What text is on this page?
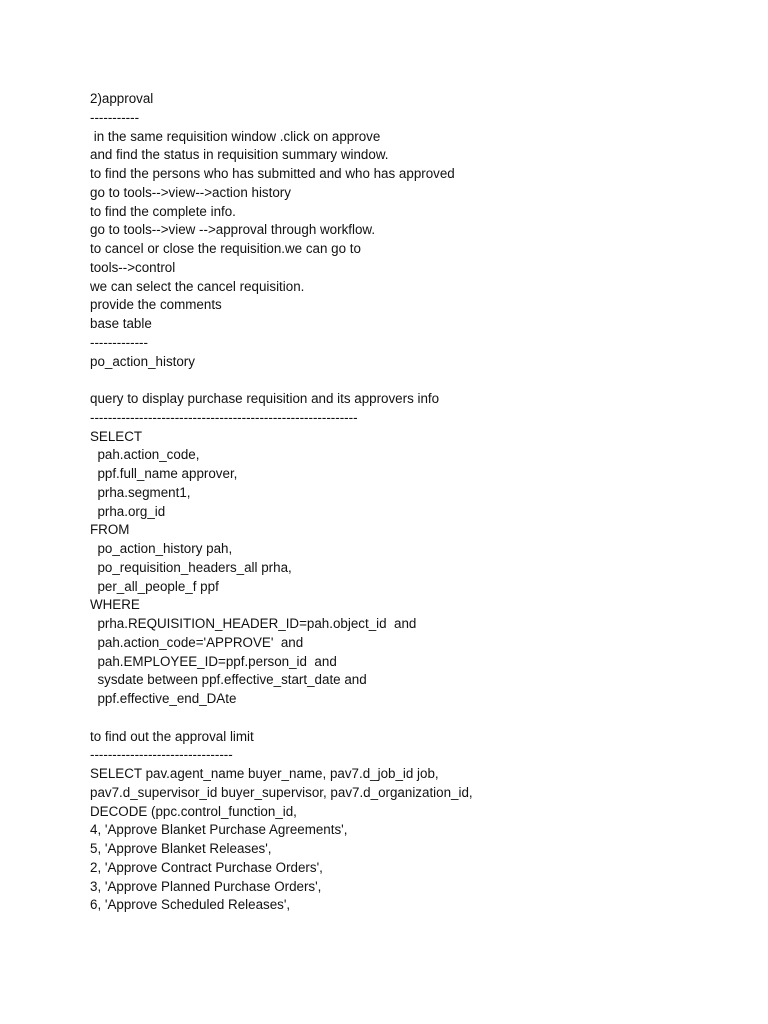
2)approval
-----------
in the same requisition window .click on approve
and find the status in requisition summary window.
to find the persons who has submitted and who has approved
go to tools-->view-->action history
to find the complete info.
go to tools-->view -->approval through workflow.
to cancel or close the requisition.we can go to
tools-->control
we can select the cancel requisition.
provide the comments
base table
-------------
po_action_history
query to display purchase requisition and its approvers info
------------------------------------------------------------
SELECT
pah.action_code,
ppf.full_name approver,
prha.segment1,
prha.org_id
FROM
po_action_history pah,
po_requisition_headers_all prha,
per_all_people_f ppf
WHERE
prha.REQUISITION_HEADER_ID=pah.object_id  and
pah.action_code='APPROVE'  and
pah.EMPLOYEE_ID=ppf.person_id  and
sysdate between ppf.effective_start_date and
ppf.effective_end_DAte
to find out the approval limit
--------------------------------
SELECT pav.agent_name buyer_name, pav7.d_job_id job,
pav7.d_supervisor_id buyer_supervisor, pav7.d_organization_id,
DECODE (ppc.control_function_id,
4, 'Approve Blanket Purchase Agreements',
5, 'Approve Blanket Releases',
2, 'Approve Contract Purchase Orders',
3, 'Approve Planned Purchase Orders',
6, 'Approve Scheduled Releases',
